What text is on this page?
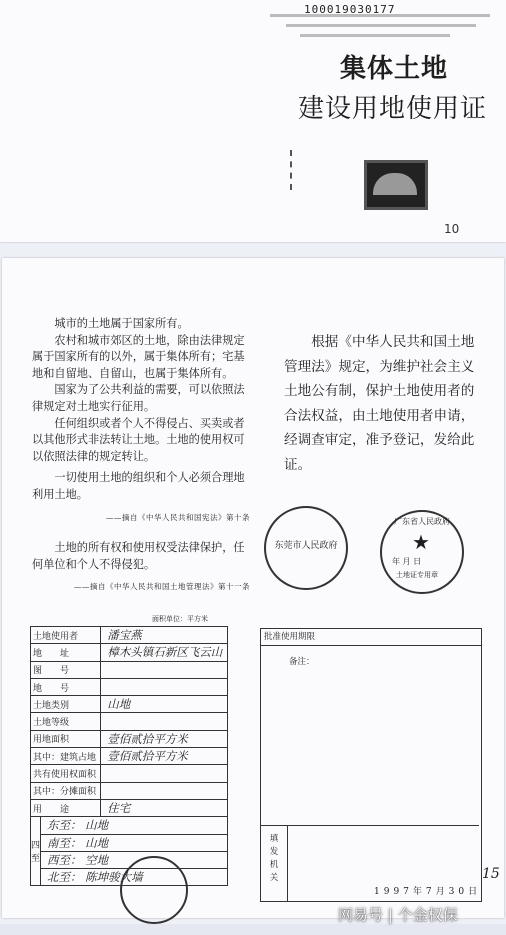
100019030177
集体土地
建设用地使用证
10

城市的土地属于国家所有。

农村和城市郊区的土地，除由法律规定属于国家所有的以外，属于集体所有；宅基地和自留地、自留山，也属于集体所有。

国家为了公共利益的需要，可以依照法律规定对土地实行征用。

任何组织或者个人不得侵占、买卖或者以其他形式非法转让土地。土地的使用权可以依照法律的规定转让。

一切使用土地的组织和个人必须合理地利用土地。

——摘自《中华人民共和国宪法》第十条

土地的所有权和使用权受法律保护，任何单位和个人不得侵犯。

——摘自《中华人民共和国土地管理法》第十一条

根据《中华人民共和国土地管理法》规定，为维护社会主义土地公有制，保护土地使用者的合法权益，由土地使用者申请，经调查审定，准予登记，发给此证。

东莞市人民政府
广东省人民政府
★
年 月 日
土地证专用章
面积单位：平方米
土地使用者		潘宝燕
地　　址		樟木头镇石新区飞云山
图　　号		
地　　号		
土地类别		山地
土地等级		
用地面积		壹佰贰拾平方米
其中：建筑占地		壹佰贰拾平方米
共有使用权面积		
其中：分摊面积		
用　　途		住宅
四至	东至： 山地	
	南至： 山地	
	西至： 空地	
	北至： 陈坤骏大墙	
批准使用期限
备注：
填发机关
1997年7月30日
15
网易号 | 个金权保
